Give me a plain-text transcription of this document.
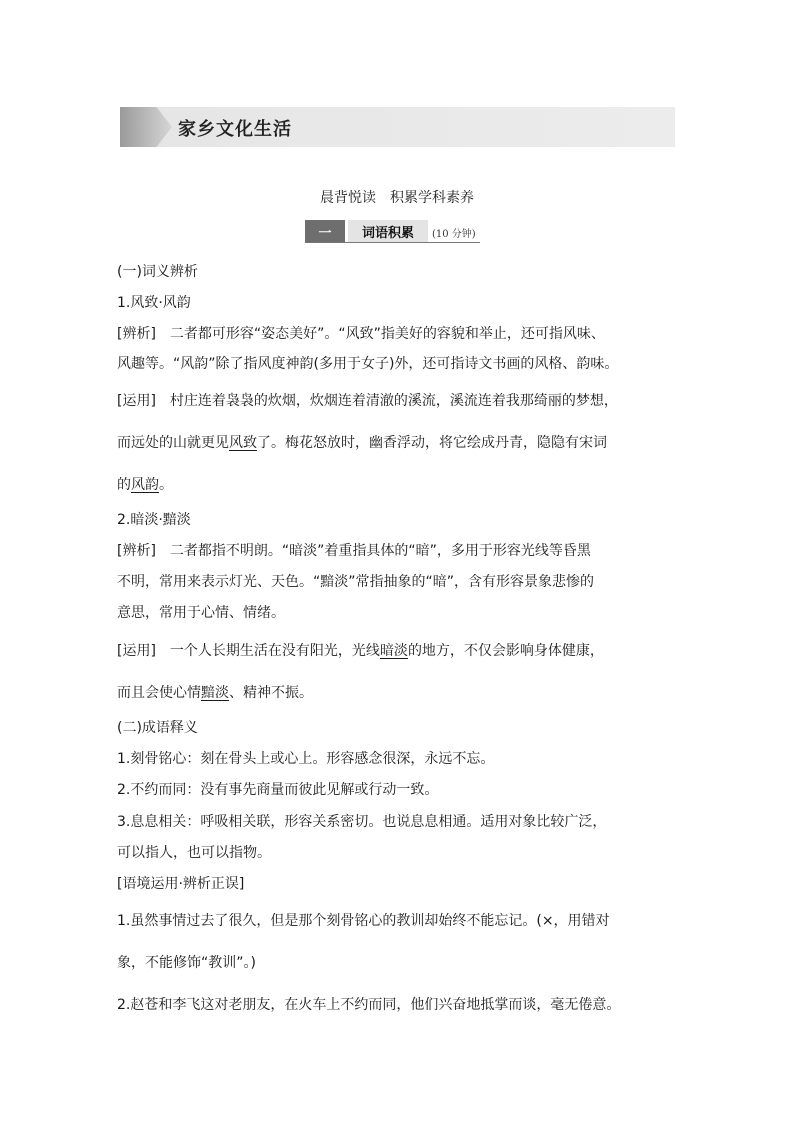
家乡文化生活
晨背悦读　积累学科素养
一	词语积累	(10 分钟)
(一)词义辨析
1.风致·风韵
[辨析]　二者都可形容“姿态美好”。“风致”指美好的容貌和举止，还可指风味、
风趣等。“风韵”除了指风度神韵(多用于女子)外，还可指诗文书画的风格、韵味。
[运用]　村庄连着袅袅的炊烟，炊烟连着清澈的溪流，溪流连着我那绮丽的梦想，
而远处的山就更见风致了。梅花怒放时，幽香浮动，将它绘成丹青，隐隐有宋词
的风韵。
2.暗淡·黯淡
[辨析]　二者都指不明朗。“暗淡”着重指具体的“暗”，多用于形容光线等昏黑
不明，常用来表示灯光、天色。“黯淡”常指抽象的“暗”，含有形容景象悲惨的
意思，常用于心情、情绪。
[运用]　一个人长期生活在没有阳光，光线暗淡的地方，不仅会影响身体健康，
而且会使心情黯淡、精神不振。
(二)成语释义
1.刻骨铭心：刻在骨头上或心上。形容感念很深，永远不忘。
2.不约而同：没有事先商量而彼此见解或行动一致。
3.息息相关：呼吸相关联，形容关系密切。也说息息相通。适用对象比较广泛，
可以指人，也可以指物。
[语境运用·辨析正误]
1.虽然事情过去了很久，但是那个刻骨铭心的教训却始终不能忘记。(×，用错对
象，不能修饰“教训”。)
2.赵苍和李飞这对老朋友，在火车上不约而同，他们兴奋地抵掌而谈，毫无倦意。
